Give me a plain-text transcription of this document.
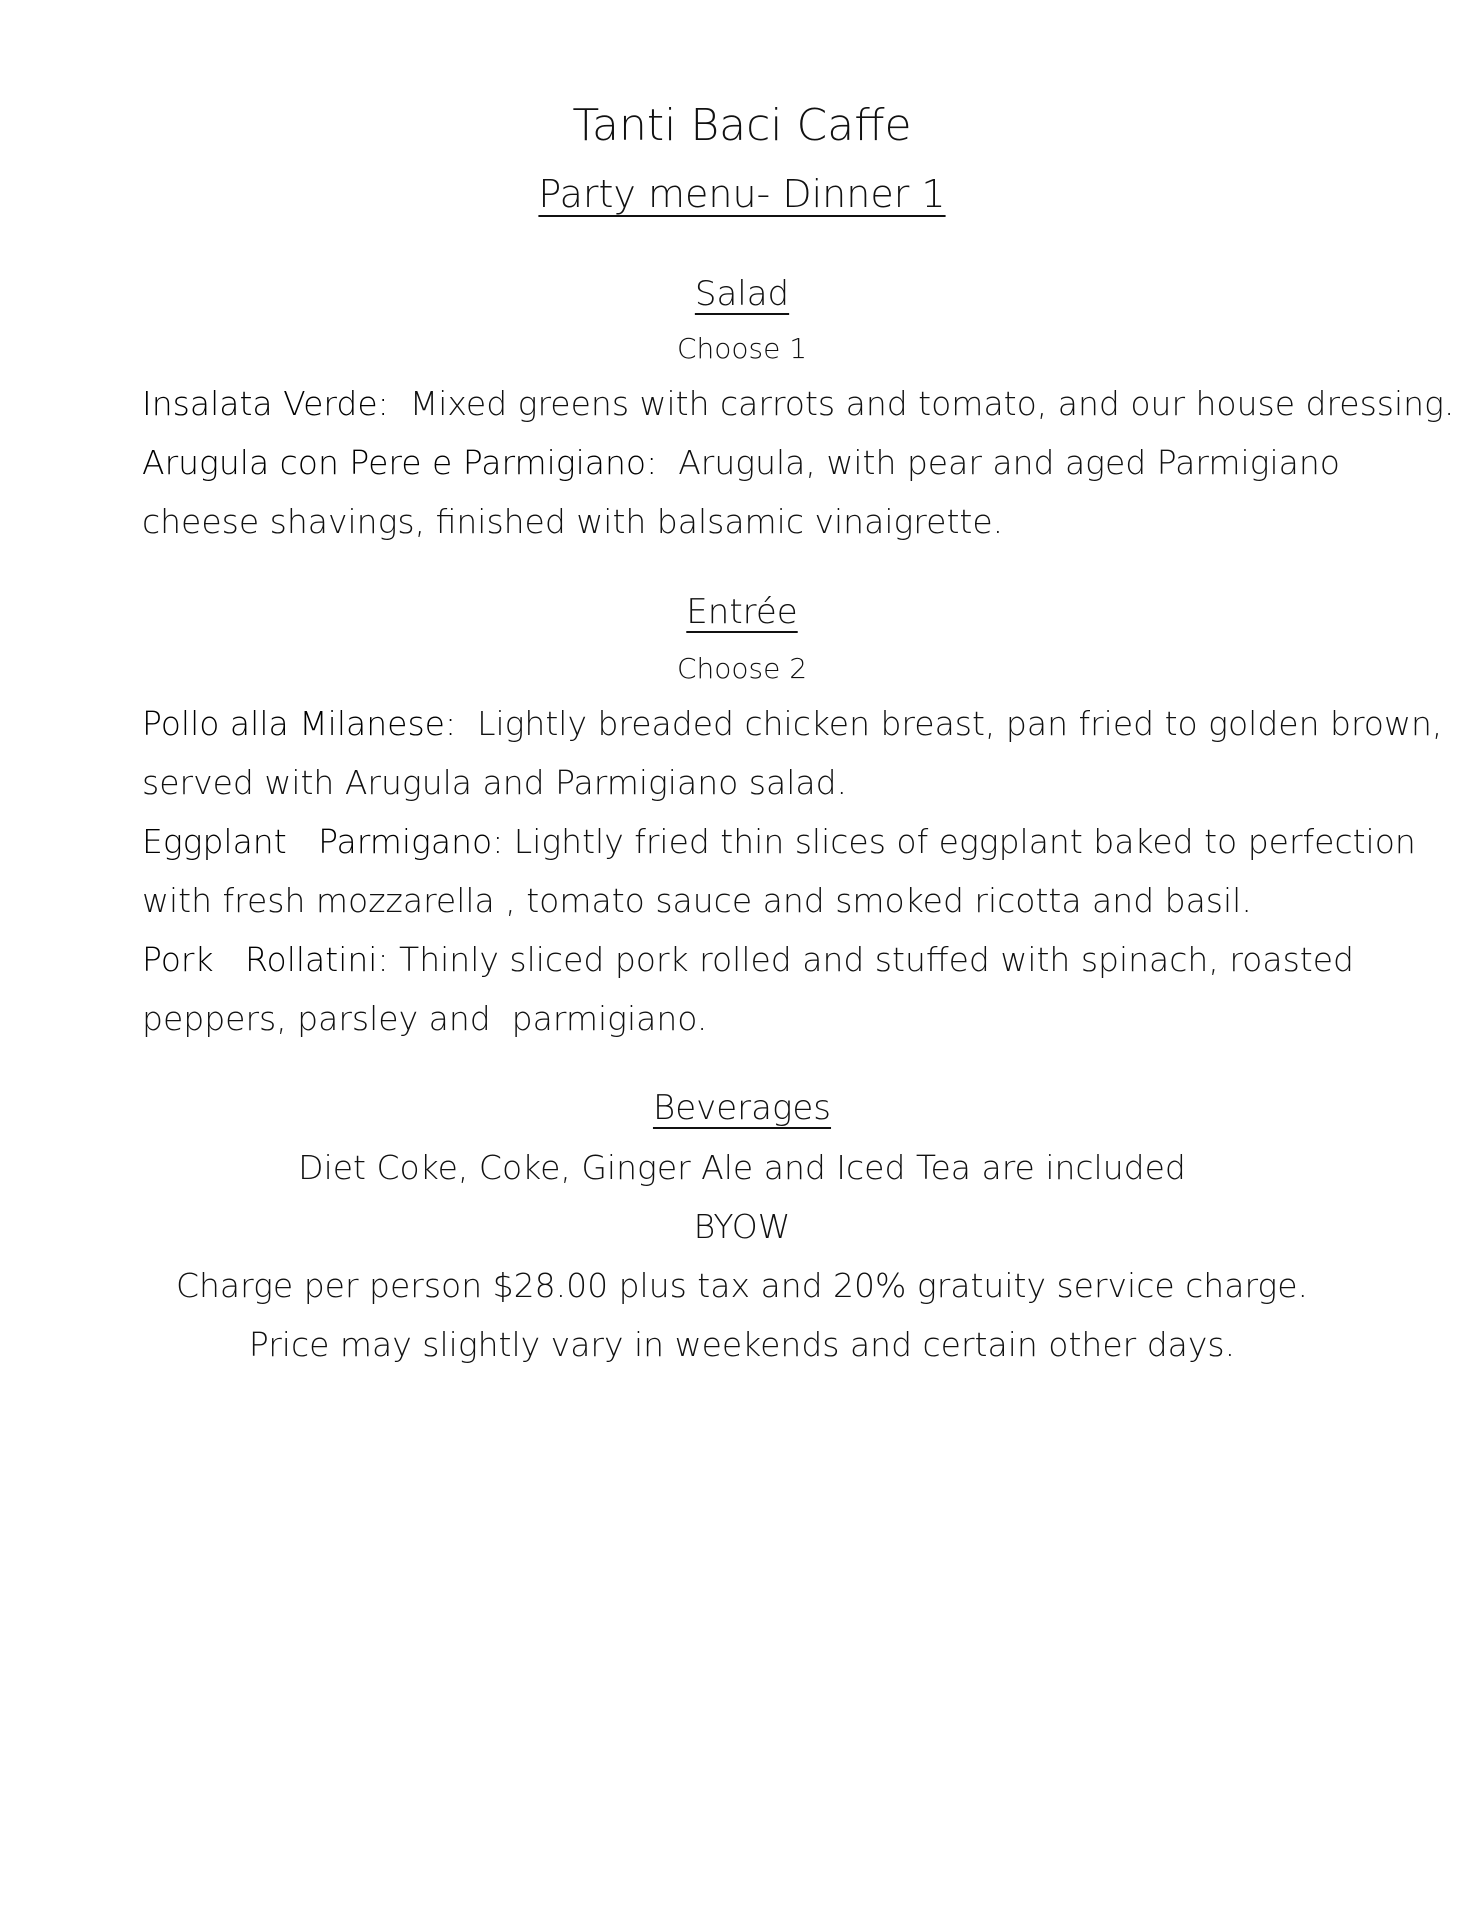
Tanti Baci Caffe
Party menu- Dinner 1
Salad
Choose 1
Insalata Verde: Mixed greens with carrots and tomato, and our house dressing.
Arugula con Pere e Parmigiano: Arugula, with pear and aged Parmigiano
cheese shavings, finished with balsamic vinaigrette.
Entrée
Choose 2
Pollo alla Milanese: Lightly breaded chicken breast, pan fried to golden brown,
served with Arugula and Parmigiano salad.
Eggplant   Parmigano: Lightly fried thin slices of eggplant baked to perfection
with fresh mozzarella , tomato sauce and smoked ricotta and basil.
Pork   Rollatini: Thinly sliced pork rolled and stuffed with spinach, roasted
peppers, parsley and  parmigiano.
Beverages
Diet Coke, Coke, Ginger Ale and Iced Tea are included
BYOW
Charge per person $28.00 plus tax and 20% gratuity service charge.
Price may slightly vary in weekends and certain other days.
